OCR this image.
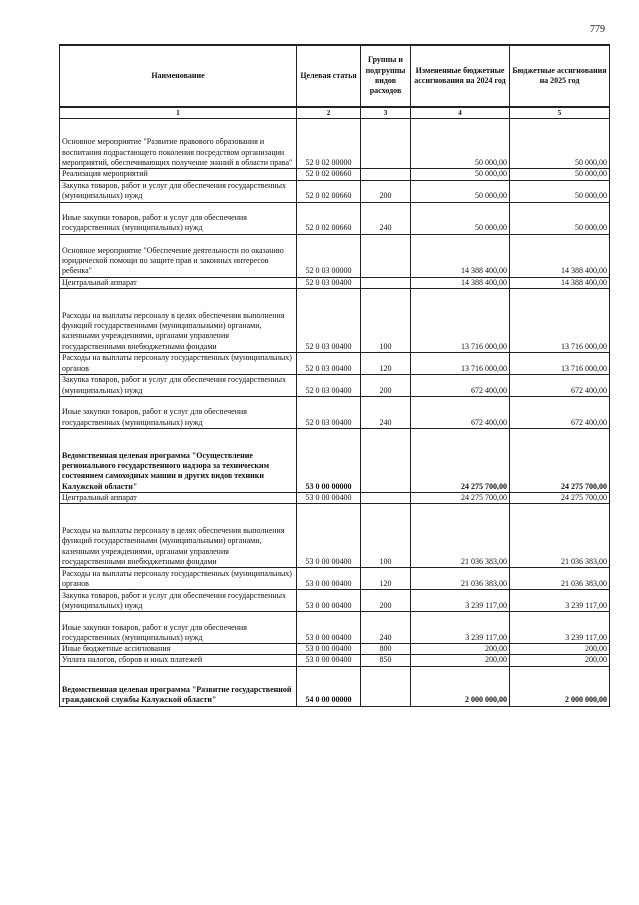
779
Наименование	Целевая статья	Группы и подгруппы видов расходов	Измененные бюджетные ассигнования на 2024 год	Бюджетные ассигнования на 2025 год
1	2	3	4	5
Основное мероприятие "Развитие правового образования и воспитания подрастающего поколения посредством организации мероприятий, обеспечивающих получение знаний в области права"	52 0 02 00000		50 000,00	50 000,00
Реализация мероприятий	52 0 02 00660		50 000,00	50 000,00
Закупка товаров, работ и услуг для обеспечения государственных (муниципальных) нужд	52 0 02 00660	200	50 000,00	50 000,00
Иные закупки товаров, работ и услуг для обеспечения государственных (муниципальных) нужд	52 0 02 00660	240	50 000,00	50 000,00
Основное мероприятие "Обеспечение деятельности по оказанию юридической помощи по защите прав и законных интересов ребенка"	52 0 03 00000		14 388 400,00	14 388 400,00
Центральный аппарат	52 0 03 00400		14 388 400,00	14 388 400,00
Расходы на выплаты персоналу в целях обеспечения выполнения функций государственными (муниципальными) органами, казенными учреждениями, органами управления государственными внебюджетными фондами	52 0 03 00400	100	13 716 000,00	13 716 000,00
Расходы на выплаты персоналу государственных (муниципальных) органов	52 0 03 00400	120	13 716 000,00	13 716 000,00
Закупка товаров, работ и услуг для обеспечения государственных (муниципальных) нужд	52 0 03 00400	200	672 400,00	672 400,00
Иные закупки товаров, работ и услуг для обеспечения государственных (муниципальных) нужд	52 0 03 00400	240	672 400,00	672 400,00
Ведомственная целевая программа "Осуществление регионального государственного надзора за техническим состоянием самоходных машин и других видов техники Калужской области"	53 0 00 00000		24 275 700,00	24 275 700,00
Центральный аппарат	53 0 00 00400		24 275 700,00	24 275 700,00
Расходы на выплаты персоналу в целях обеспечения выполнения функций государственными (муниципальными) органами, казенными учреждениями, органами управления государственными внебюджетными фондами	53 0 00 00400	100	21 036 383,00	21 036 383,00
Расходы на выплаты персоналу государственных (муниципальных) органов	53 0 00 00400	120	21 036 383,00	21 036 383,00
Закупка товаров, работ и услуг для обеспечения государственных (муниципальных) нужд	53 0 00 00400	200	3 239 117,00	3 239 117,00
Иные закупки товаров, работ и услуг для обеспечения государственных (муниципальных) нужд	53 0 00 00400	240	3 239 117,00	3 239 117,00
Иные бюджетные ассигнования	53 0 00 00400	800	200,00	200,00
Уплата налогов, сборов и иных платежей	53 0 00 00400	850	200,00	200,00
Ведомственная целевая программа "Развитие государственной гражданской службы Калужской области"	54 0 00 00000		2 000 000,00	2 000 000,00
